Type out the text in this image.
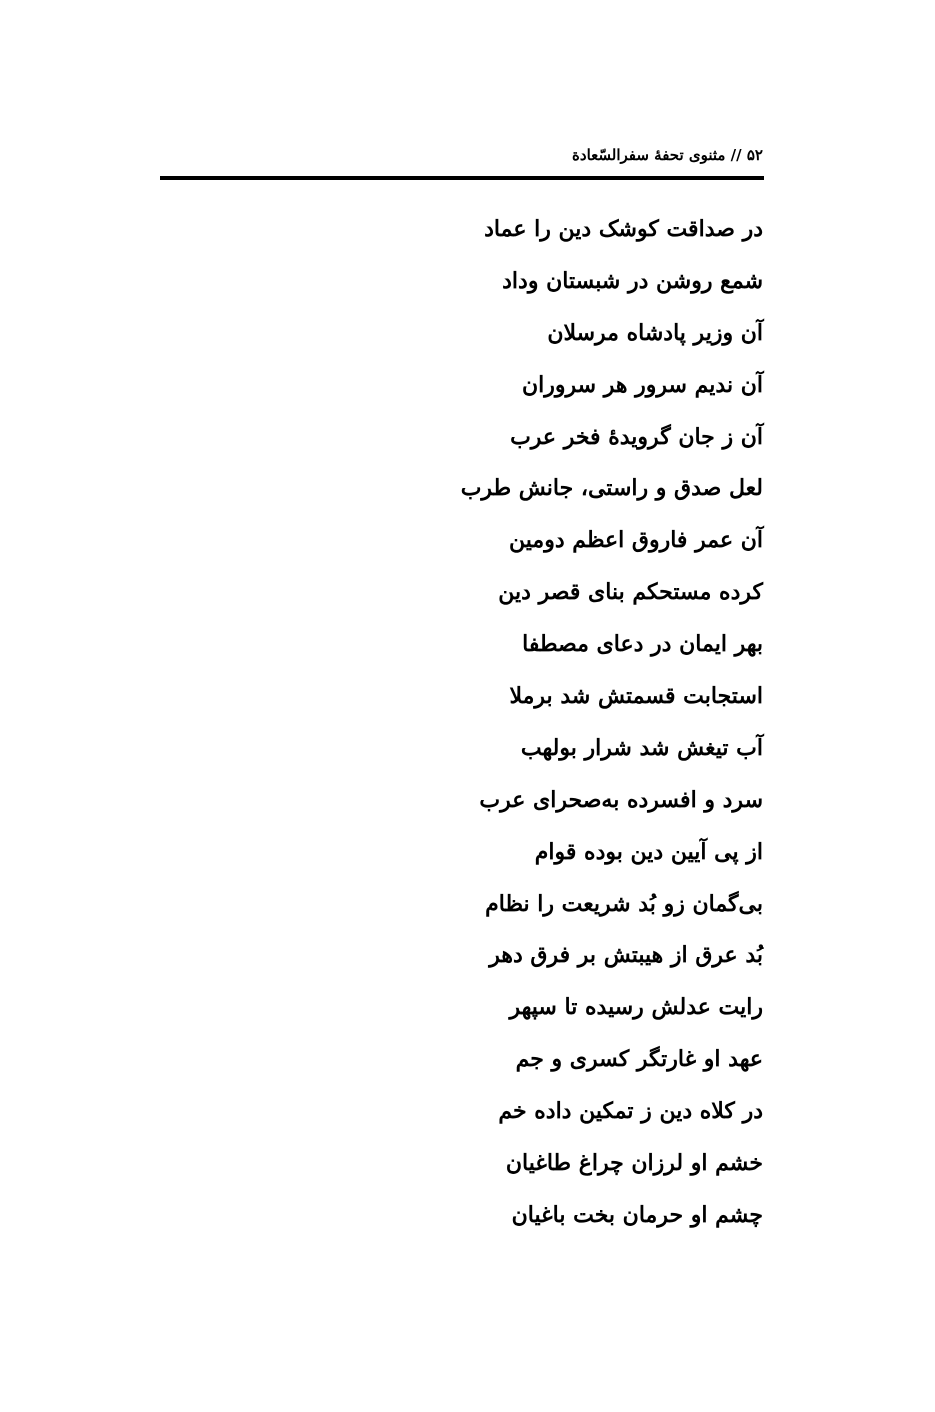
۵۲ // مثنوی تحفهٔ سفرالسّعادة
در صداقت کوشک دین را عماد
شمع روشن در شبستان وداد
آن وزیر پادشاه مرسلان
آن ندیم سرور هر سروران
آن ز جان گرویدهٔ فخر عرب
لعل صدق و راستی، جانش طرب
آن عمر فاروق اعظم دومین
کرده مستحکم بنای قصر دین
بهر ایمان در دعای مصطفا
استجابت قسمتش شد برملا
آب تیغش شد شرار بولهب
سرد و افسرده به‌صحرای عرب
از پی آیین دین بوده قوام
بی‌گمان زو بُد شریعت را نظام
بُد عرق از هیبتش بر فرق دهر
رایت عدلش رسیده تا سپهر
عهد او غارتگر کسری و جم
در کلاه دین ز تمکین داده خم
خشم او لرزان چراغ طاغیان
چشم او حرمان بخت باغیان
